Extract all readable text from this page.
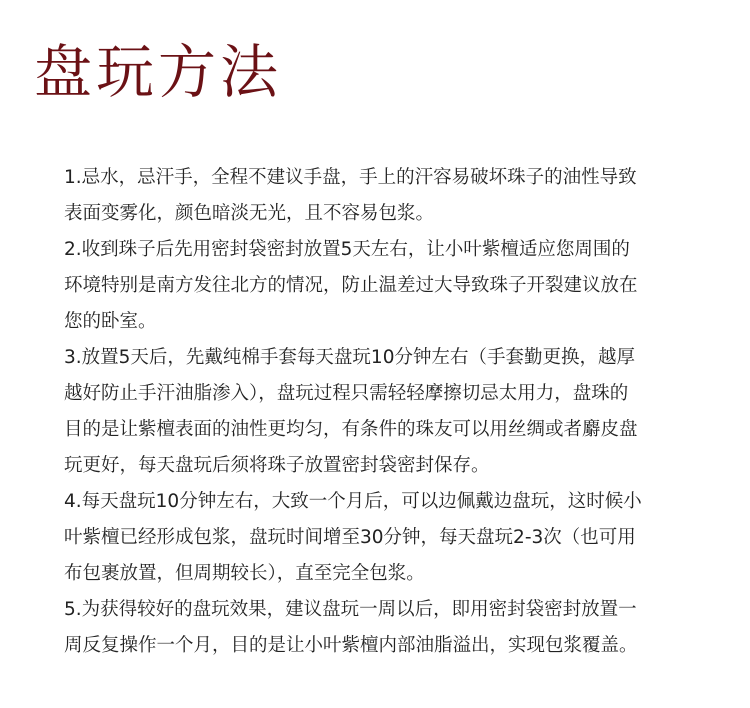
盘玩方法
1.忌水，忌汗手，全程不建议手盘，手上的汗容易破坏珠子的油性导致
表面变雾化，颜色暗淡无光，且不容易包浆。
2.收到珠子后先用密封袋密封放置5天左右，让小叶紫檀适应您周围的
环境特别是南方发往北方的情况，防止温差过大导致珠子开裂建议放在
您的卧室。
3.放置5天后，先戴纯棉手套每天盘玩10分钟左右（手套勤更换，越厚
越好防止手汗油脂渗入），盘玩过程只需轻轻摩擦切忌太用力，盘珠的
目的是让紫檀表面的油性更均匀，有条件的珠友可以用丝绸或者麝皮盘
玩更好，每天盘玩后须将珠子放置密封袋密封保存。
4.每天盘玩10分钟左右，大致一个月后，可以边佩戴边盘玩，这时候小
叶紫檀已经形成包浆，盘玩时间增至30分钟，每天盘玩2-3次（也可用
布包裹放置，但周期较长），直至完全包浆。
5.为获得较好的盘玩效果，建议盘玩一周以后，即用密封袋密封放置一
周反复操作一个月，目的是让小叶紫檀内部油脂溢出，实现包浆覆盖。
